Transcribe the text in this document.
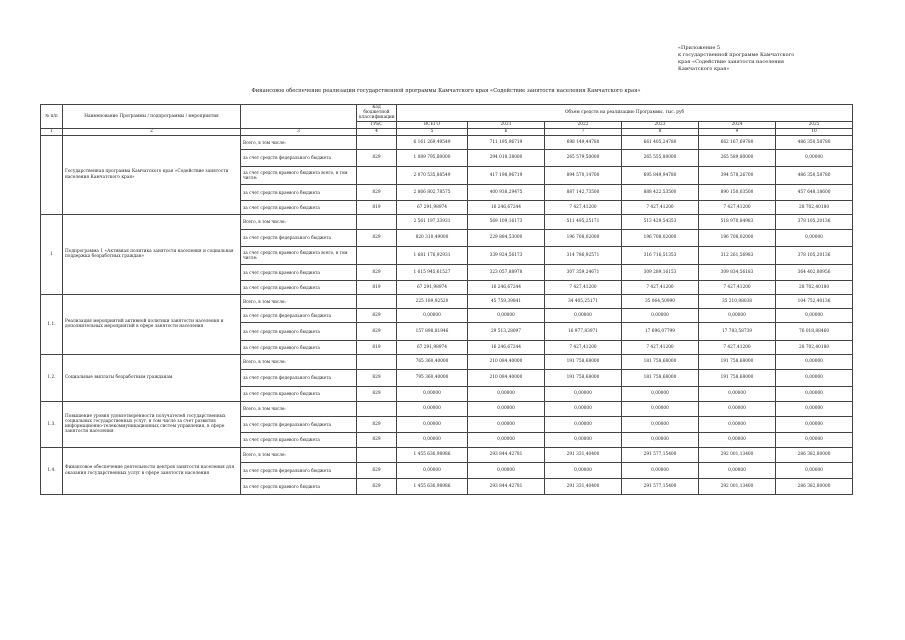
«Приложение 5
к государственной программе Камчатского
края «Содействие занятости населения
Камчатского края»
Финансовое обеспечение реализации государственной программы Камчатского края «Содействие занятости населения Камчатского края»
№ п/п	Наименование Программы / подпрограммы / мероприятия		Код бюджетной классификации	Объем средств на реализацию Программы, тыс. руб					
			ГРБС	ВСЕГО	2021	2022	2023	2024	2025
1	2	3	4	5	6	7	8	9	10
	Государственная программа Камчатского края «Содействие занятости населения Камчатского края»	Всего, в том числе:		6 161 269,49549	711 195,96719	698 149,44780	661 405,24780	662 167,69780	486 350,58780
		за счет средств федерального бюджета	829	1 089 795,80000	294 018,38000	265 579,50000	265 555,80000	265 589,80000	0,00000
		за счет средств краевого бюджета всего, в том числе:		2 070 535,88549	417 198,96719	894 570,14700	695 849,94780	394 578,26700	486 350,58780
		за счет средств краевого бюджета	829	2 866 802,78575	400 938,29475	887 142,73500	888 422,53500	890 150,03500	457 648,18600
		за счет средств краевого бюджета	819	67 291,98974	16 246,67244	7 427,41200	7 427,41200	7 427,41200	28 702,40180
1	Подпрограмма 1 «Активная политика занятости населения и социальная поддержка безработных граждан»	Всего, в том числе:		2 561 197,33931	569 109,16173	511 495,25171	513 429,54353	518 970,84983	378 105,20136
		за счет средств федерального бюджета	829	820 310,49000	229 884,53000	196 708,02000	196 708,02000	196 708,02000	0,00000
		за счет средств краевого бюджета всего, в том числе:		1 681 176,92931	339 924,56173	314 786,92571	316 716,51353	312 261,56983	378 105,20136
		за счет средств краевого бюджета	829	1 615 945,61527	323 057,88978	307 359,24671	309 289,16153	309 834,56183	364 402,80956
		за счет средств краевого бюджета	819	67 291,98974	16 246,67244	7 427,41200	7 427,41200	7 427,41200	28 702,40180
1.1.	Реализация мероприятий активной политики занятости населения и дополнительных мероприятий в сфере занятости населения	Всего, в том числе:		225 189,92520	45 759,39841	34 405,25171	35 064,50990	35 210,98038	104 752,40136
		за счет средств федерального бюджета	829	0,00000	0,00000	0,00000	0,00000	0,00000	0,00000
		за счет средств краевого бюджета	829	157 898,81946	29 513,28097	16 977,83971	17 696,07799	17 783,58739	76 018,88460
		за счет средств краевого бюджета	819	67 291,98974	16 246,67244	7 427,41200	7 427,41200	7 427,41200	28 702,40180
1.2.	Социальные выплаты безработным гражданам	Всего, в том числе:		765 360,40000	210 084,40000	191 758,68000	181 758,68000	191 758,68000	0,00000
		за счет средств федерального бюджета	829	795 360,40000	210 084,40000	191 758,68000	181 758,68000	191 758,68000	0,00000
		за счет средств краевого бюджета	829	0,00000	0,00000	0,00000	0,00000	0,00000	0,00000
1.3.	Повышение уровня удовлетворенности получателей государственных социальных государственных услуг, в том числе за счет развития информационно-телекоммуникационных систем управления, в сфере занятости населения	Всего, в том числе:		0,00000	0,00000	0,00000	0,00000	0,00000	0,00000
		за счет средств федерального бюджета	829	0,00000	0,00000	0,00000	0,00000	0,00000	0,00000
		за счет средств краевого бюджета	829	0,00000	0,00000	0,00000	0,00000	0,00000	0,00000
1.4.	Финансовое обеспечение деятельности центров занятости населения для оказания государственных услуг в сфере занятости населения	Всего, в том числе:		1 455 636,98986	293 844,42781	291 331,40400	291 577,15400	292 001,13400	286 382,80000
		за счет средств федерального бюджета	829	0,00000	0,00000	0,00000	0,00000	0,00000	0,00000
		за счет средств краевого бюджета	829	1 455 636,98986	293 844,42781	291 331,40400	291 577,15400	292 001,13400	286 382,80000
